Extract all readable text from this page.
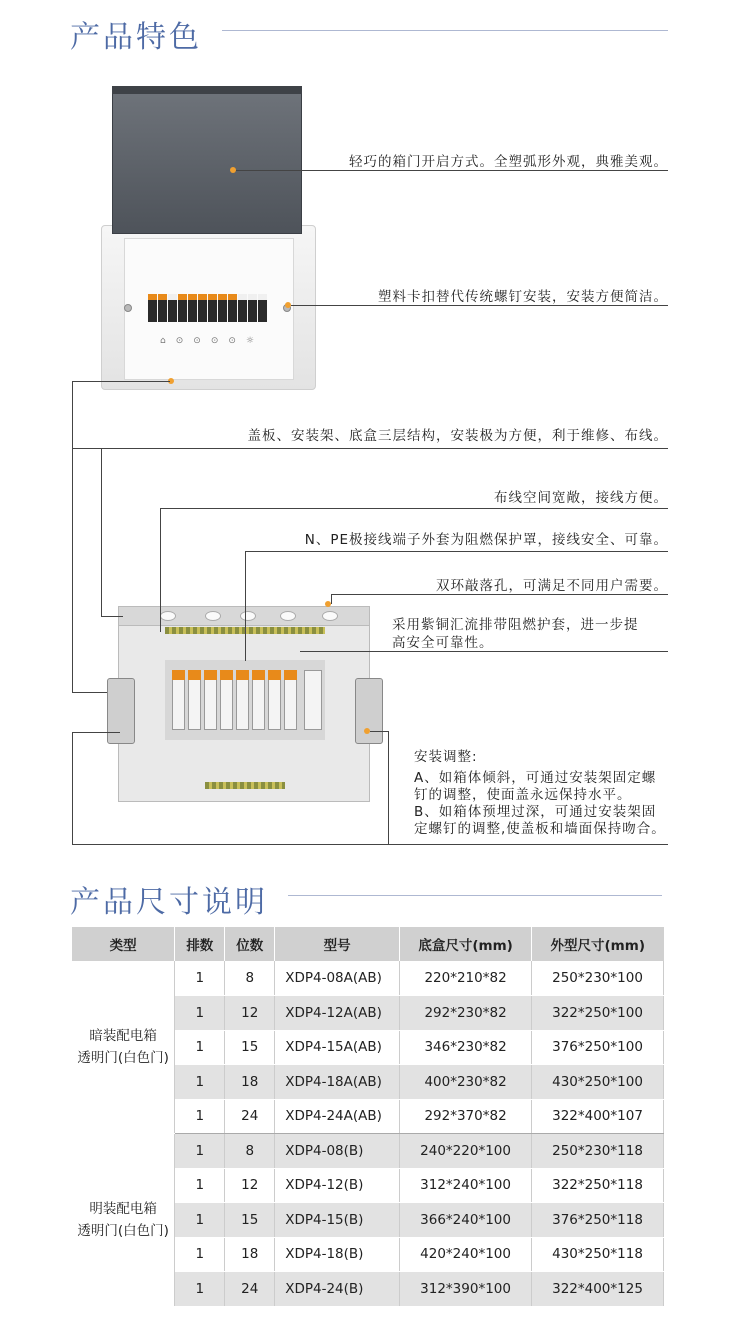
产品特色
⌂ ⊙ ⊙ ⊙ ⊙ ☼
轻巧的箱门开启方式。全塑弧形外观，典雅美观。
塑料卡扣替代传统螺钉安装，安装方便简洁。
盖板、安装架、底盒三层结构，安装极为方便，利于维修、布线。
布线空间宽敞，接线方便。
N、PE极接线端子外套为阻燃保护罩，接线安全、可靠。
双环敲落孔，可满足不同用户需要。
采用紫铜汇流排带阻燃护套，进一步提
高安全可靠性。
安装调整:
A、如箱体倾斜，可通过安装架固定螺
钉的调整，使面盖永远保持水平。
B、如箱体预埋过深，可通过安装架固
定螺钉的调整,使盖板和墙面保持吻合。
产品尺寸说明
类型	排数	位数	型号	底盒尺寸(mm)	外型尺寸(mm)

暗装配电箱
透明门(白色门)	1	8	XDP4-08A(AB)	220*210*82	250*230*100
	1	12	XDP4-12A(AB)	292*230*82	322*250*100
	1	15	XDP4-15A(AB)	346*230*82	376*250*100
	1	18	XDP4-18A(AB)	400*230*82	430*250*100
	1	24	XDP4-24A(AB)	292*370*82	322*400*107

明装配电箱
透明门(白色门)	1	8	XDP4-08(B)	240*220*100	250*230*118
	1	12	XDP4-12(B)	312*240*100	322*250*118
	1	15	XDP4-15(B)	366*240*100	376*250*118
	1	18	XDP4-18(B)	420*240*100	430*250*118
	1	24	XDP4-24(B)	312*390*100	322*400*125
